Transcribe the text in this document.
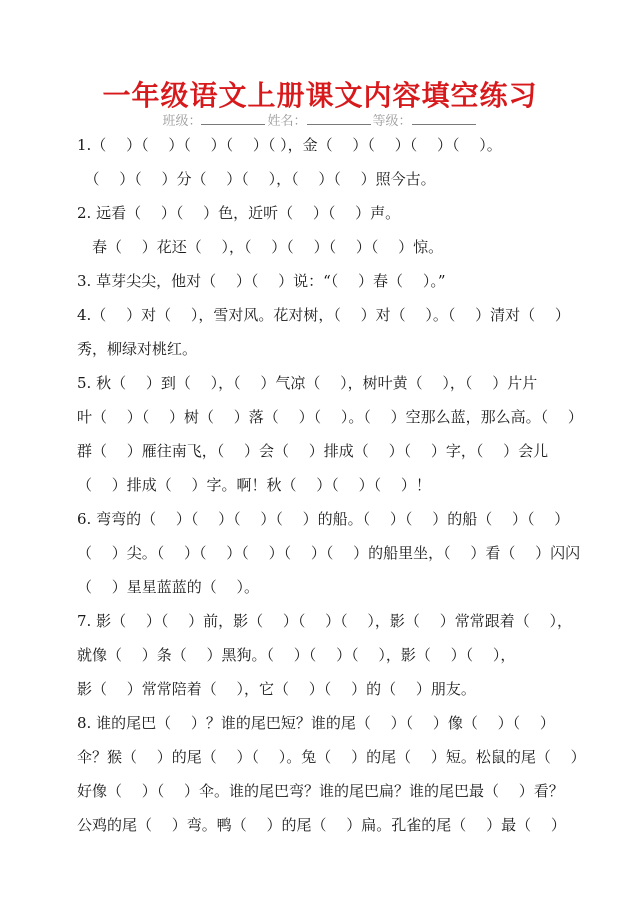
一年级语文上册课文内容填空练习
班级：	姓名：	等级：
1.（　 ）（　 ）（　 ）（　 ）（ ），金（　 ）（　 ）（　 ）（　 ）。
　（　 ）（　 ）分（　 ）（　 ），（　 ）（　 ）照今古。
2. 远看（　 ）（　 ）色，近听（　 ）（　 ）声。
　春（　 ）花还（　 ），（　 ）（　 ）（　 ）（　 ）惊。
3. 草芽尖尖，他对（　 ）（　 ）说：“（　 ）春（　 ）。”
4.（　 ）对（　 ），雪对风。花对树，（　 ）对（　 ）。（　 ）清对（　 ）
秀，柳绿对桃红。
5. 秋（　 ）到（　 ），（　 ）气凉（　 ），树叶黄（　 ），（　 ）片片
叶（　 ）（　 ）树（　 ）落（　 ）（　 ）。（　 ）空那么蓝，那么高。（　 ）
群（　 ）雁往南飞，（　 ）会（　 ）排成（　 ）（　 ）字，（　 ）会儿
（　 ）排成（　 ）字。啊！秋（　 ）（　 ）（　 ）！
6. 弯弯的（　 ）（　 ）（　 ）（　 ）的船。（　 ）（　 ）的船（　 ）（　 ）
（　 ）尖。（　 ）（　 ）（　 ）（　 ）（　 ）的船里坐，（　 ）看（　 ）闪闪
（　 ）星星蓝蓝的（　 ）。
7. 影（　 ）（　 ）前，影（　 ）（　 ）（　 ），影（　 ）常常跟着（　 ），
就像（　 ）条（　 ）黑狗。（　 ）（　 ）（　 ），影（　 ）（　 ），
影（　 ）常常陪着（　 ），它（　 ）（　 ）的（　 ）朋友。
8. 谁的尾巴（　 ）？谁的尾巴短？谁的尾（　 ）（　 ）像（　 ）（　 ）
伞？猴（　 ）的尾（　 ）（　 ）。兔（　 ）的尾（　 ）短。松鼠的尾（　 ）
好像（　 ）（　 ）伞。谁的尾巴弯？谁的尾巴扁？谁的尾巴最（　 ）看？
公鸡的尾（　 ）弯。鸭（　 ）的尾（　 ）扁。孔雀的尾（　 ）最（　 ）
